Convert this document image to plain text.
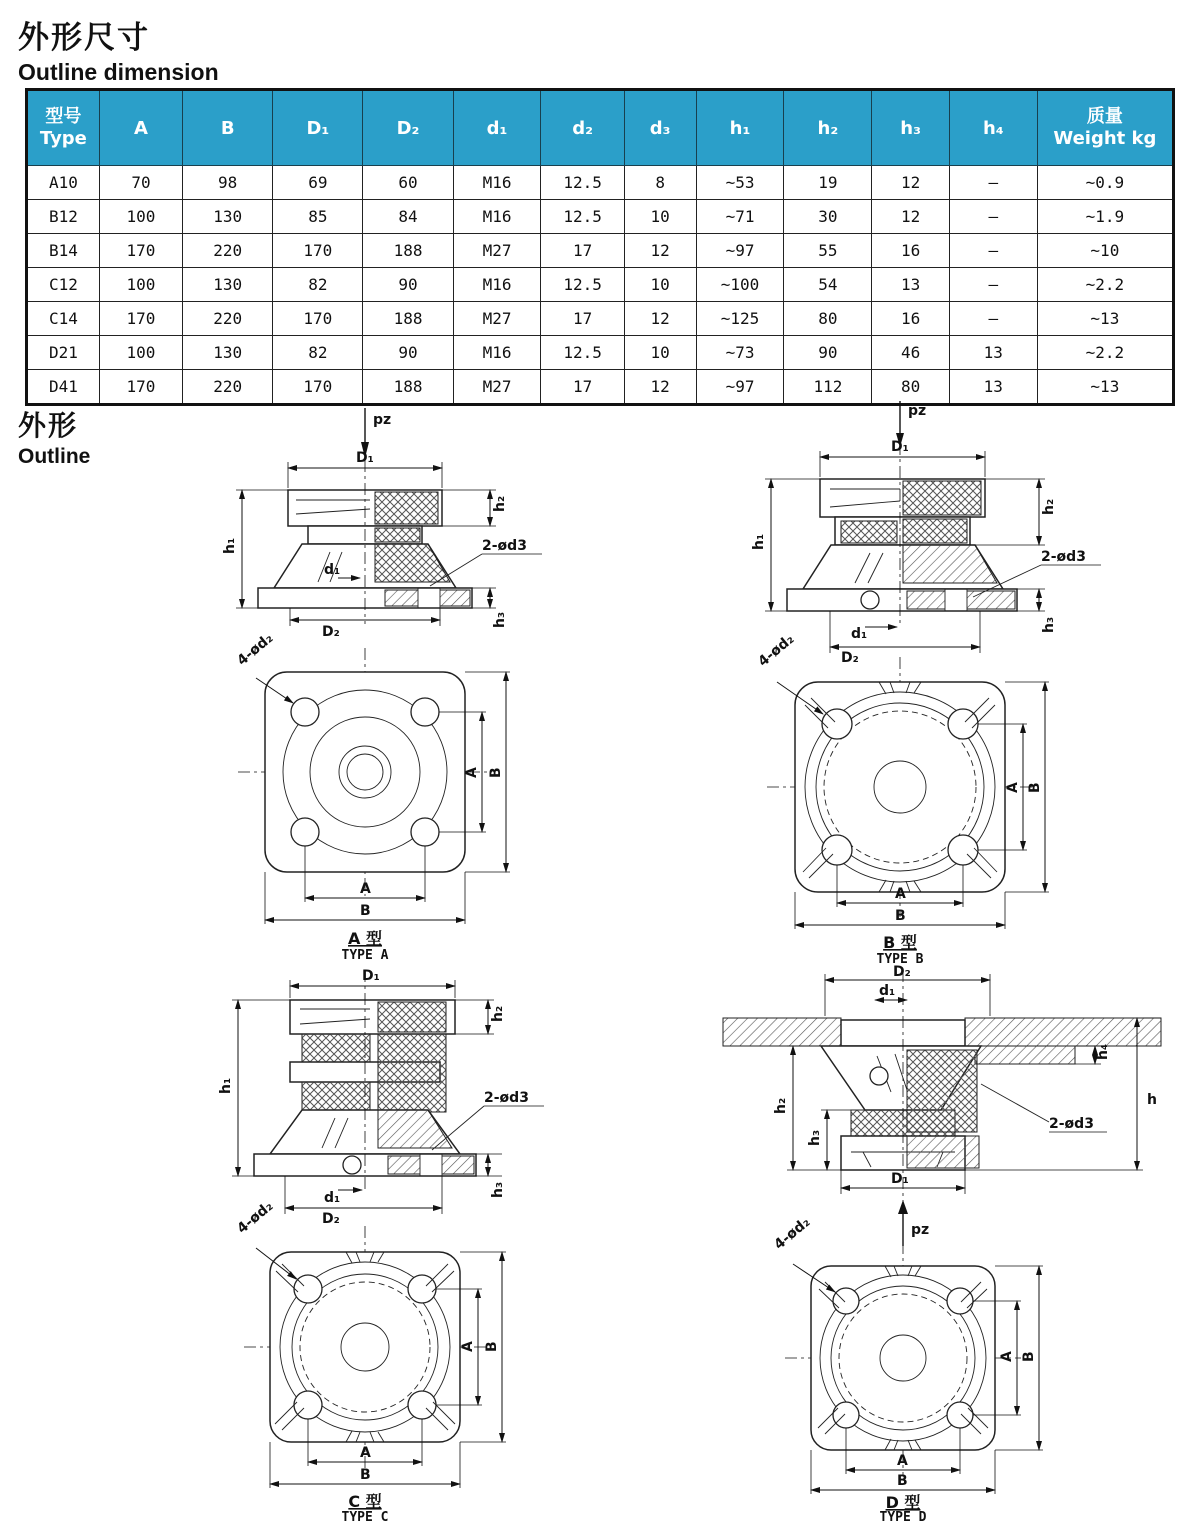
外形尺寸
Outline dimension
型号
Type	A	B	D₁	D₂	d₁	d₂	d₃	h₁	h₂	h₃	h₄	质量
Weight kg

A10	70	98	69	60	M16	12.5	8	~53	19	12	—	~0.9
B12	100	130	85	84	M16	12.5	10	~71	30	12	—	~1.9
B14	170	220	170	188	M27	17	12	~97	55	16	—	~10
C12	100	130	82	90	M16	12.5	10	~100	54	13	—	~2.2
C14	170	220	170	188	M27	17	12	~125	80	16	—	~13
D21	100	130	82	90	M16	12.5	10	~73	90	46	13	~2.2
D41	170	220	170	188	M27	17	12	~97	112	80	13	~13
外形
Outline
pz
D₁
h₁
h₂
h₃
d₁
2-ød3
D₂
4-ød₂
A B
A
B
A 型
TYPE A
pz
D₁
h₁
h₂
h₃
2-ød3
d₁
D₂
4-ød₂
A B
A
B
B 型
TYPE B
D₁
h₁
h₂
2-ød3
h₃
d₁
D₂
4-ød₂
A B
A
B
C 型
TYPE C
D₂
d₁
h₂
h₃
h₄
h
2-ød3
D₁
pz
4-ød₂
A B
A
B
D 型
TYPE D
